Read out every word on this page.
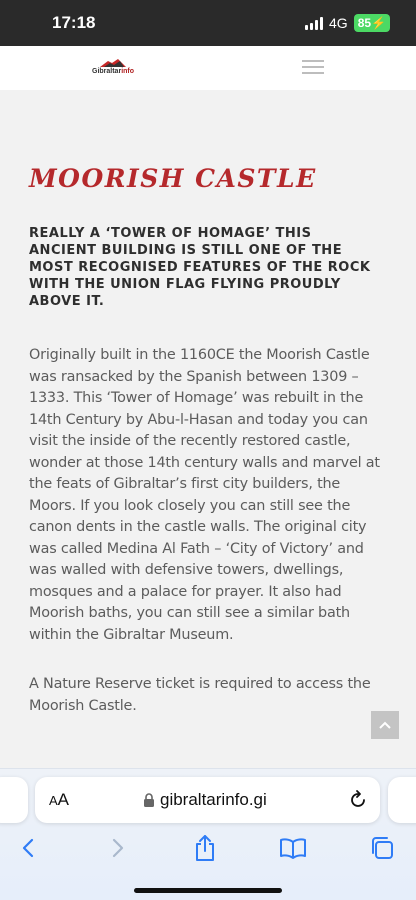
17:18	4G 85⚡
Gibraltarinfo
MOORISH CASTLE
REALLY A ‘TOWER OF HOMAGE’ THIS ANCIENT BUILDING IS STILL ONE OF THE MOST RECOGNISED FEATURES OF THE ROCK WITH THE UNION FLAG FLYING PROUDLY ABOVE IT.

Originally built in the 1160CE the Moorish Castle was ransacked by the Spanish between 1309 – 1333. This ‘Tower of Homage’ was rebuilt in the 14th Century by Abu-l-Hasan and today you can visit the inside of the recently restored castle, wonder at those 14th century walls and marvel at the feats of Gibraltar’s first city builders, the Moors. If you look closely you can still see the canon dents in the castle walls. The original city was called Medina Al Fath – ‘City of Victory’ and was walled with defensive towers, dwellings, mosques and a palace for prayer. It also had Moorish baths, you can still see a similar bath within the Gibraltar Museum.

A Nature Reserve ticket is required to access the Moorish Castle.

AA	gibraltarinfo.gi
